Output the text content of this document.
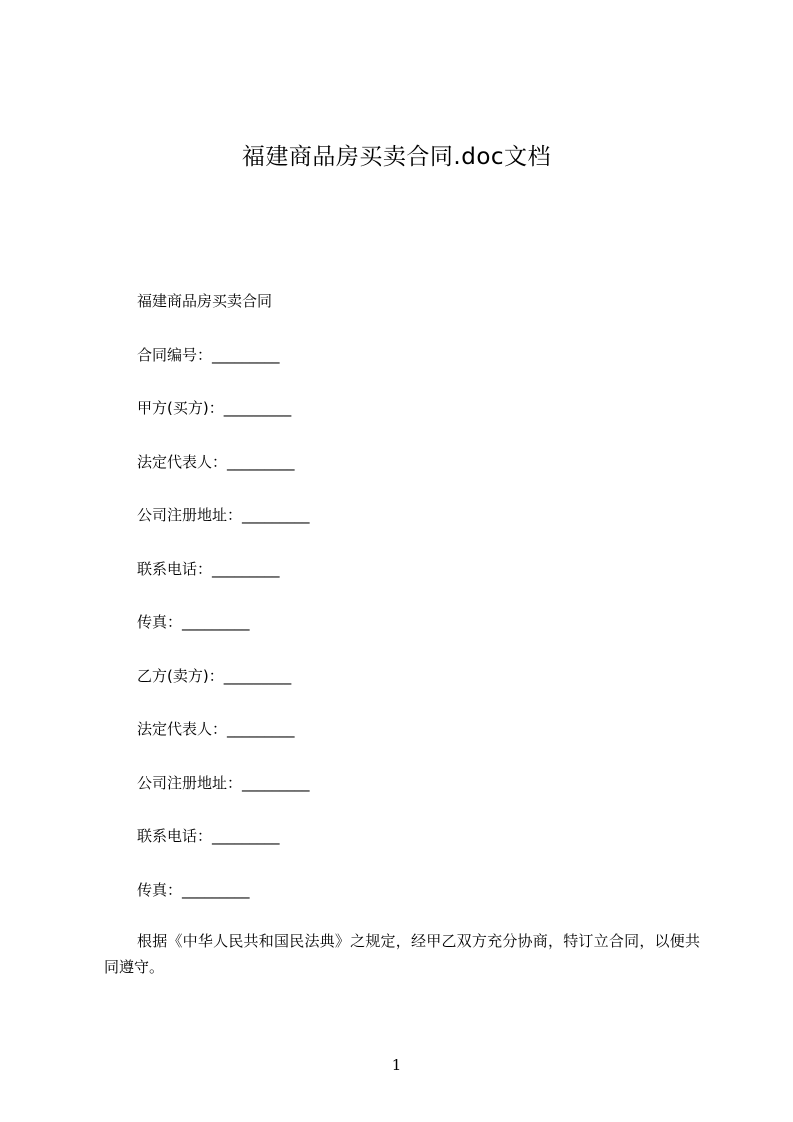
福建商品房买卖合同.doc文档
福建商品房买卖合同
合同编号：_________
甲方(买方)：_________
法定代表人：_________
公司注册地址：_________
联系电话：_________
传真：_________
乙方(卖方)：_________
法定代表人：_________
公司注册地址：_________
联系电话：_________
传真：_________

根据《中华人民共和国民法典》之规定，经甲乙双方充分协商，特订立合同，以便共同遵守。

1
